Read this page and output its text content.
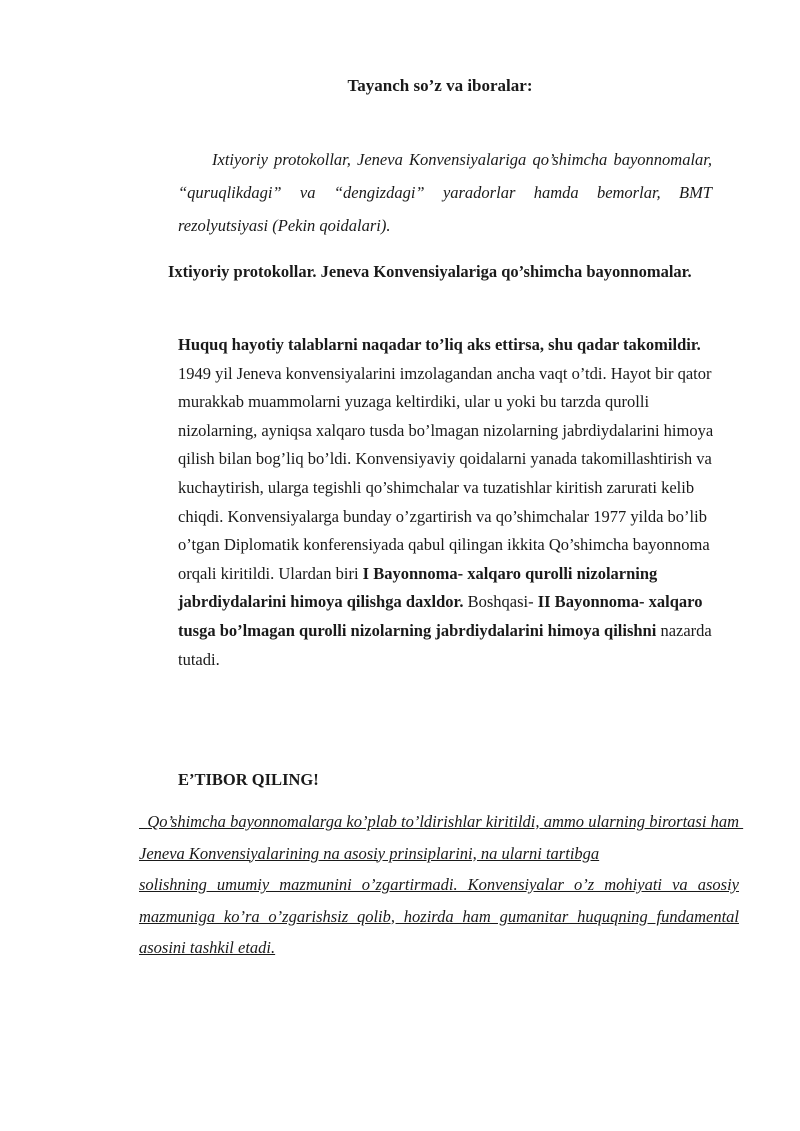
Tayanch so’z va iboralar:

Ixtiyoriy protokollar, Jeneva Konvensiyalariga qo’shimcha bayonnomalar, “quruqlikdagi” va “dengizdagi” yaradorlar hamda bemorlar, BMT rezolyutsiyasi (Pekin qoidalari).

Ixtiyoriy protokollar. Jeneva Konvensiyalariga qo’shimcha bayonnomalar.

Huquq hayotiy talablarni naqadar to’liq aks ettirsa, shu qadar takomildir. 1949 yil Jeneva konvensiyalarini imzolagandan ancha vaqt o’tdi. Hayot bir qator murakkab muammolarni yuzaga keltirdiki, ular u yoki bu tarzda qurolli nizolarning, ayniqsa xalqaro tusda bo’lmagan nizolarning jabrdiydalarini himoya qilish bilan bog’liq bo’ldi. Konvensiyaviy qoidalarni yanada takomillashtirish va kuchaytirish, ularga tegishli qo’shimchalar va tuzatishlar kiritish zarurati kelib chiqdi. Konvensiyalarga bunday o’zgartirish va qo’shimchalar 1977 yilda bo’lib o’tgan Diplomatik konferensiyada qabul qilingan ikkita Qo’shimcha bayonnoma orqali kiritildi. Ulardan biri I Bayonnoma- xalqaro qurolli nizolarning jabrdiydalarini himoya qilishga daxldor. Boshqasi- II Bayonnoma- xalqaro tusga bo’lmagan qurolli nizolarning jabrdiydalarini himoya qilishni nazarda tutadi.

E’TIBOR QILING!

Qo’shimcha bayonnomalarga ko’plab to’ldirishlar kiritildi, ammo ularning birortasi ham Jeneva Konvensiyalarining na asosiy prinsiplarini, na ularni tartibga
solishning umumiy mazmunini o’zgartirmadi. Konvensiyalar o’z mohiyati va asosiy mazmuniga ko’ra o’zgarishsiz qolib, hozirda ham gumanitar huquqning fundamental asosini tashkil etadi.
